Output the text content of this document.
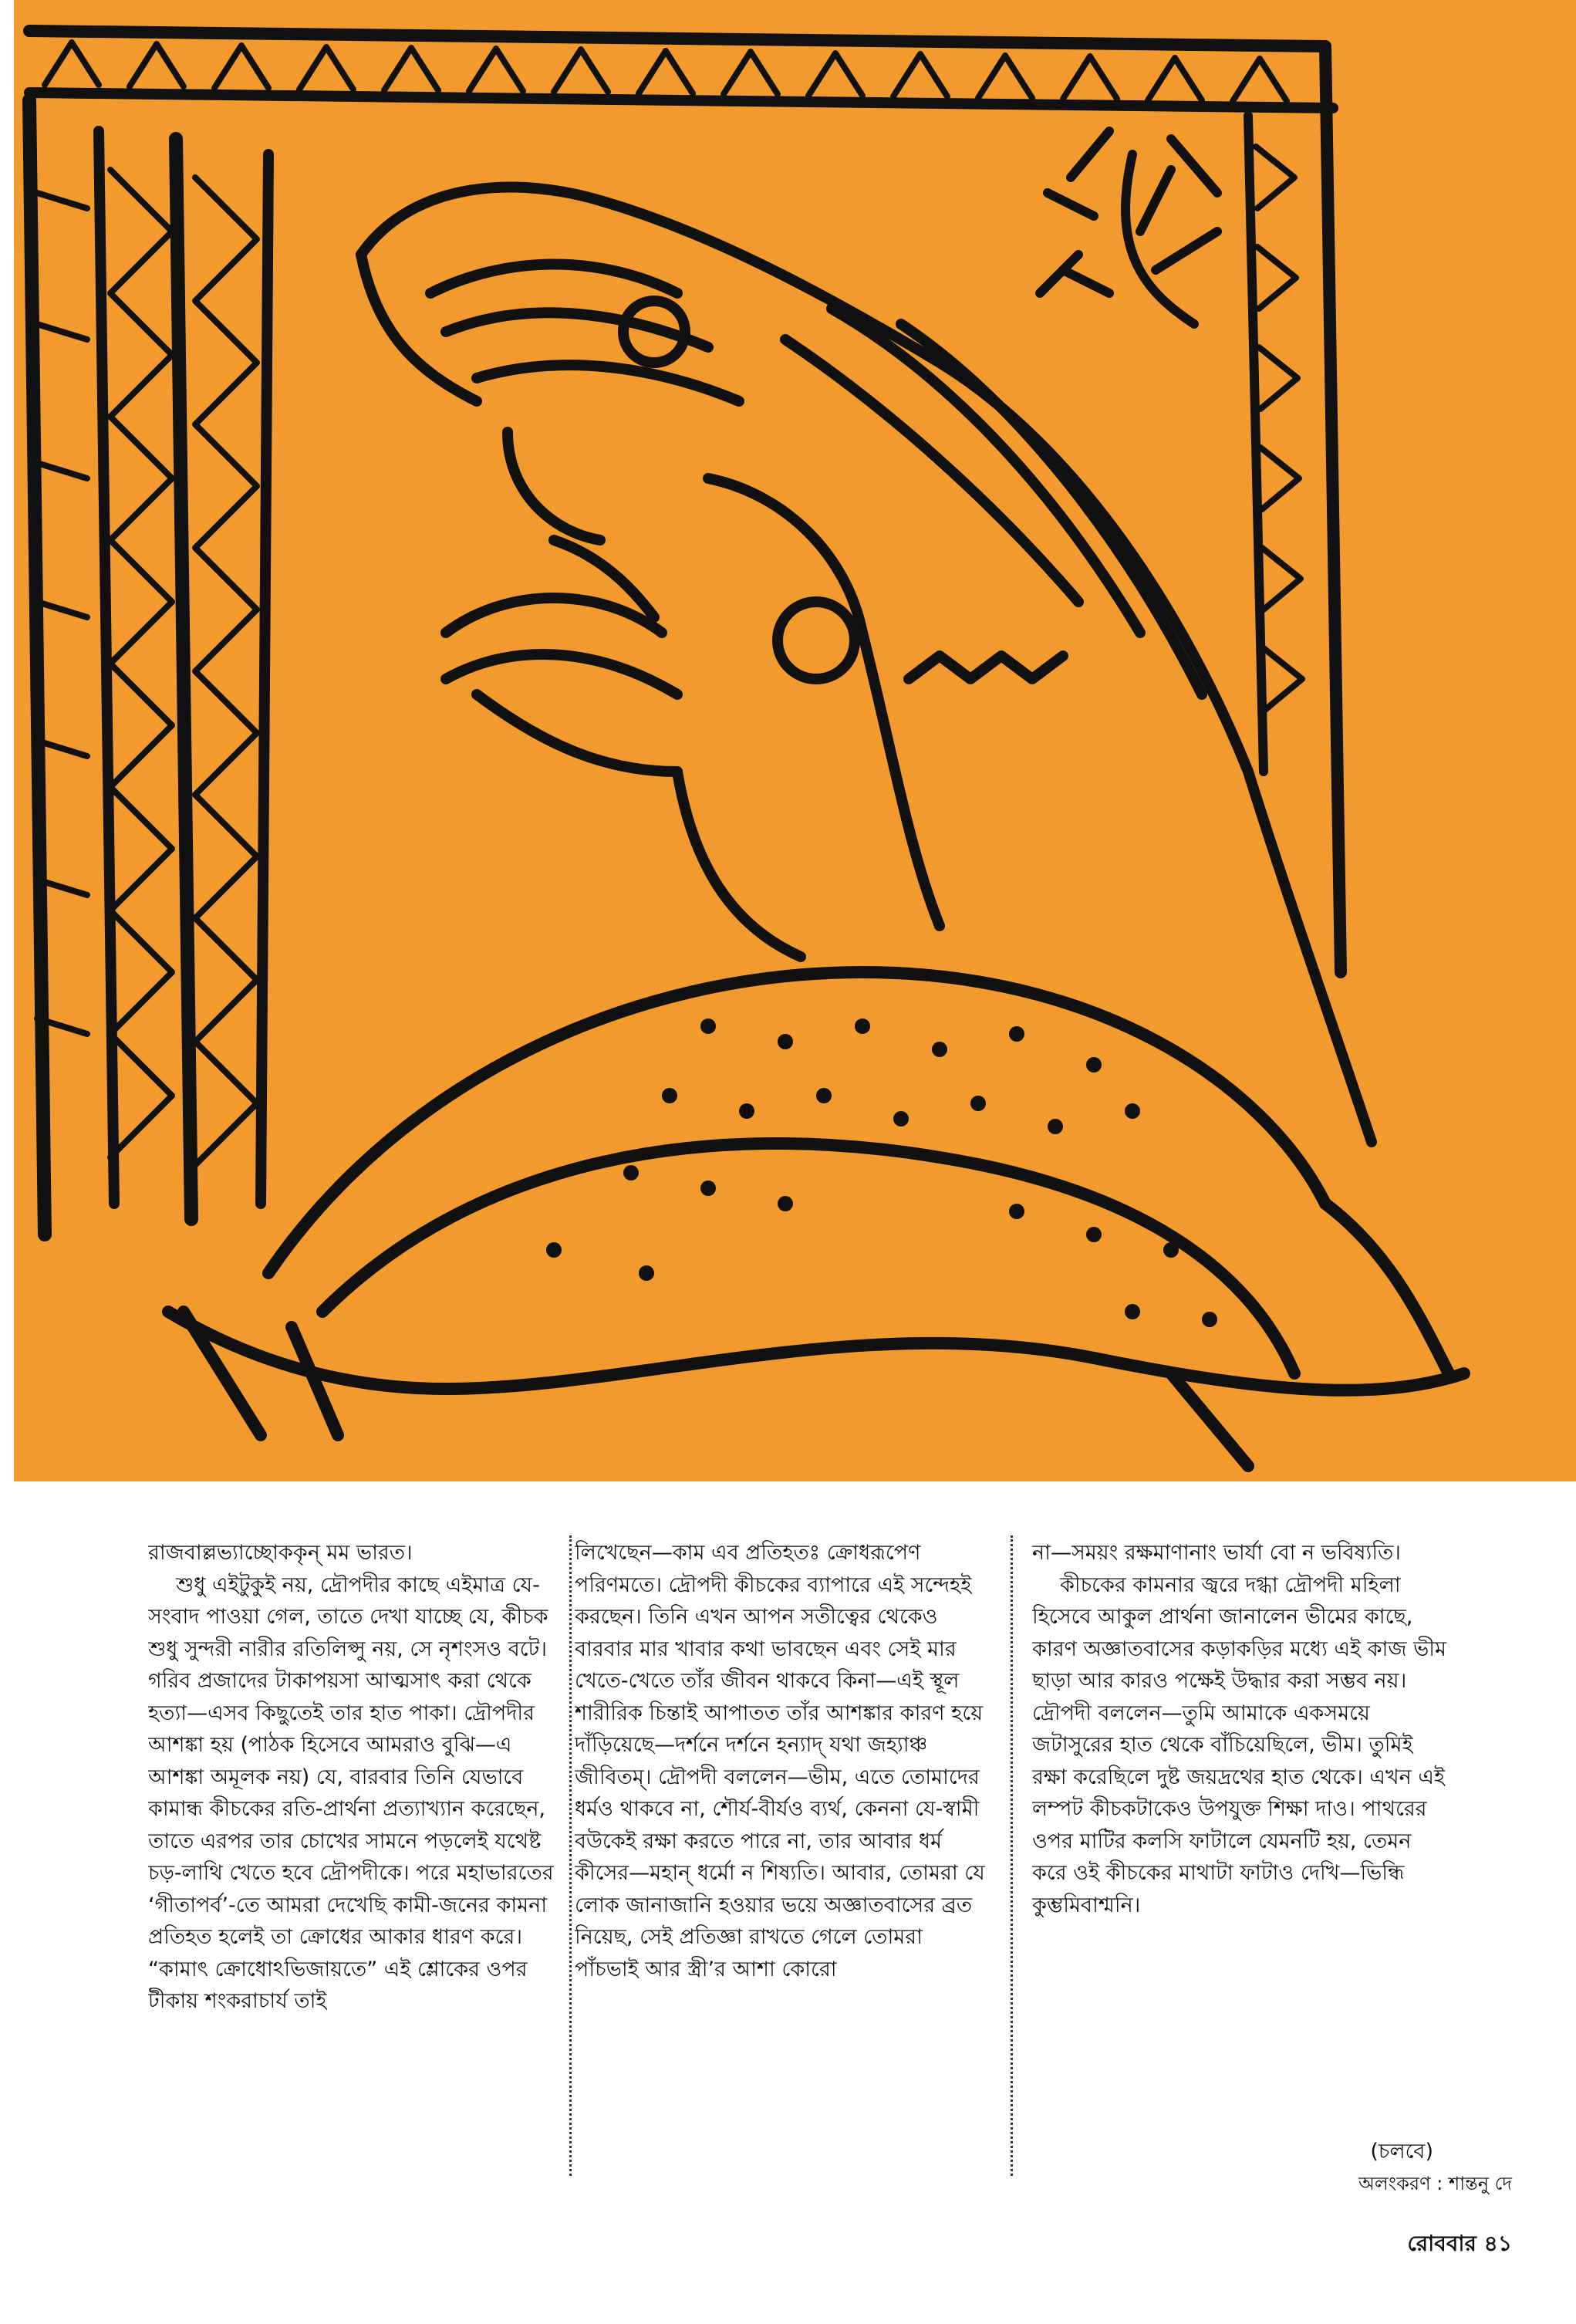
রাজবাল্লভ্যাচ্ছোককৃন্ মম ভারত।

শুধু এইটুকুই নয়, দ্রৌপদীর কাছে এইমাত্র যে-সংবাদ পাওয়া গেল, তাতে দেখা যাচ্ছে যে, কীচক শুধু সুন্দরী নারীর রতিলিপ্সু নয়, সে নৃশংসও বটে। গরিব প্রজাদের টাকাপয়সা আত্মসাৎ করা থেকে হত্যা—এসব কিছুতেই তার হাত পাকা। দ্রৌপদীর আশঙ্কা হয় (পাঠক হিসেবে আমরাও বুঝি—এ আশঙ্কা অমূলক নয়) যে, বারবার তিনি যেভাবে কামান্ধ কীচকের রতি-প্রার্থনা প্রত্যাখ্যান করেছেন, তাতে এরপর তার চোখের সামনে পড়লেই যথেষ্ট চড়-লাথি খেতে হবে দ্রৌপদীকে। পরে মহাভারতের ‘গীতাপর্ব’-তে আমরা দেখেছি কামী-জনের কামনা প্রতিহত হলেই তা ক্রোধের আকার ধারণ করে। “কামাৎ ক্রোধোঽভিজায়তে” এই শ্লোকের ওপর টীকায় শংকরাচার্য তাই

লিখেছেন—কাম এব প্রতিহতঃ ক্রোধরূপেণ পরিণমতে। দ্রৌপদী কীচকের ব্যাপারে এই সন্দেহই করছেন। তিনি এখন আপন সতীত্বের থেকেও বারবার মার খাবার কথা ভাবছেন এবং সেই মার খেতে-খেতে তাঁর জীবন থাকবে কিনা—এই স্থূল শারীরিক চিন্তাই আপাতত তাঁর আশঙ্কার কারণ হয়ে দাঁড়িয়েছে—দর্শনে দর্শনে হন্যাদ্ যথা জহ্যাঞ্চ জীবিতম্। দ্রৌপদী বললেন—ভীম, এতে তোমাদের ধর্মও থাকবে না, শৌর্য-বীর্যও ব্যর্থ, কেননা যে-স্বামী বউকেই রক্ষা করতে পারে না, তার আবার ধর্ম কীসের—মহান্ ধর্মো ন শিষ্যতি। আবার, তোমরা যে লোক জানাজানি হওয়ার ভয়ে অজ্ঞাতবাসের ব্রত নিয়েছ, সেই প্রতিজ্ঞা রাখতে গেলে তোমরা পাঁচভাই আর স্ত্রী’র আশা কোরো

না—সময়ং রক্ষমাণানাং ভার্যা বো ন ভবিষ্যতি।

কীচকের কামনার জ্বরে দগ্ধা দ্রৌপদী মহিলা হিসেবে আকুল প্রার্থনা জানালেন ভীমের কাছে, কারণ অজ্ঞাতবাসের কড়াকড়ির মধ্যে এই কাজ ভীম ছাড়া আর কারও পক্ষেই উদ্ধার করা সম্ভব নয়। দ্রৌপদী বললেন—তুমি আমাকে একসময়ে জটাসুরের হাত থেকে বাঁচিয়েছিলে, ভীম। তুমিই রক্ষা করেছিলে দুষ্ট জয়দ্রথের হাত থেকে। এখন এই লম্পট কীচকটাকেও উপযুক্ত শিক্ষা দাও। পাথরের ওপর মাটির কলসি ফাটালে যেমনটি হয়, তেমন করে ওই কীচকের মাথাটা ফাটাও দেখি—ভিন্ধি কুম্ভমিবাশ্মনি।

(চলবে)
অলংকরণ : শান্তনু দে
রোববার ৪১
